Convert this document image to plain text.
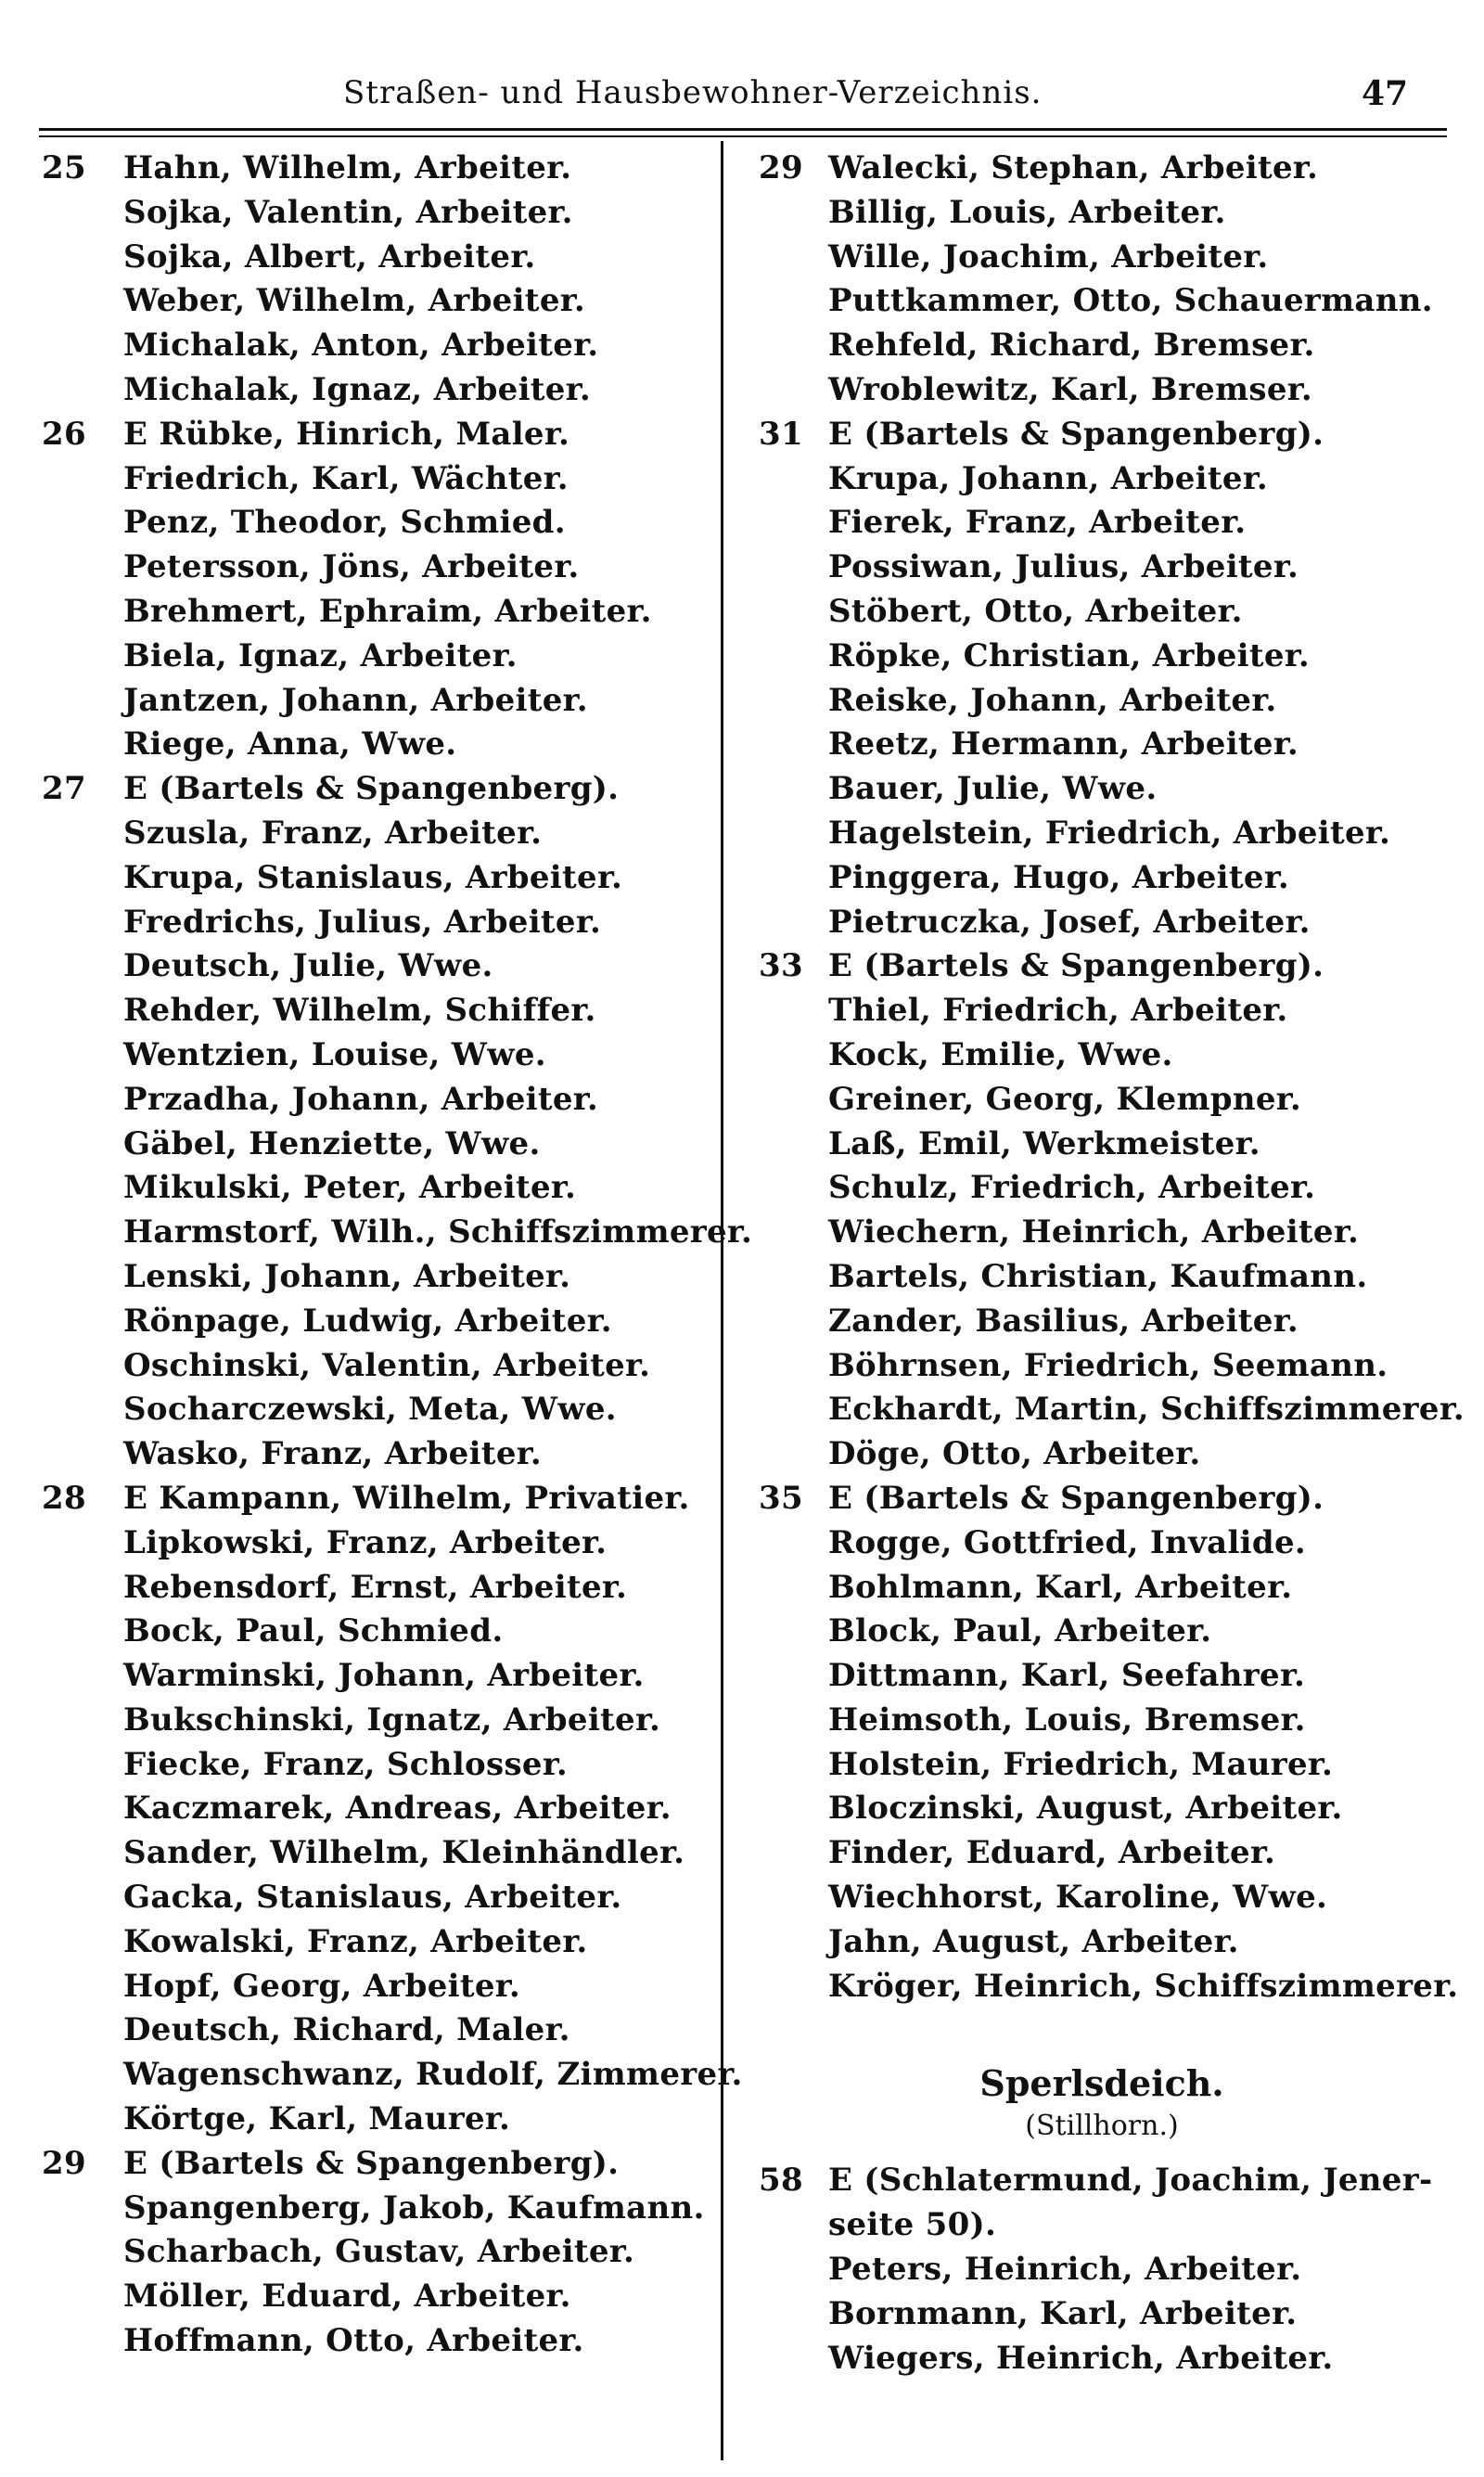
Straßen- und Hausbewohner-Verzeichnis.	47
25	Hahn, Wilhelm, Arbeiter.
Sojka, Valentin, Arbeiter.
Sojka, Albert, Arbeiter.
Weber, Wilhelm, Arbeiter.
Michalak, Anton, Arbeiter.
Michalak, Ignaz, Arbeiter.
26	E Rübke, Hinrich, Maler.
Friedrich, Karl, Wächter.
Penz, Theodor, Schmied.
Petersson, Jöns, Arbeiter.
Brehmert, Ephraim, Arbeiter.
Biela, Ignaz, Arbeiter.
Jantzen, Johann, Arbeiter.
Riege, Anna, Wwe.
27	E (Bartels & Spangenberg).
Szusla, Franz, Arbeiter.
Krupa, Stanislaus, Arbeiter.
Fredrichs, Julius, Arbeiter.
Deutsch, Julie, Wwe.
Rehder, Wilhelm, Schiffer.
Wentzien, Louise, Wwe.
Przadha, Johann, Arbeiter.
Gäbel, Henziette, Wwe.
Mikulski, Peter, Arbeiter.
Harmstorf, Wilh., Schiffszimmerer.
Lenski, Johann, Arbeiter.
Rönpage, Ludwig, Arbeiter.
Oschinski, Valentin, Arbeiter.
Socharczewski, Meta, Wwe.
Wasko, Franz, Arbeiter.
28	E Kampann, Wilhelm, Privatier.
Lipkowski, Franz, Arbeiter.
Rebensdorf, Ernst, Arbeiter.
Bock, Paul, Schmied.
Warminski, Johann, Arbeiter.
Bukschinski, Ignatz, Arbeiter.
Fiecke, Franz, Schlosser.
Kaczmarek, Andreas, Arbeiter.
Sander, Wilhelm, Kleinhändler.
Gacka, Stanislaus, Arbeiter.
Kowalski, Franz, Arbeiter.
Hopf, Georg, Arbeiter.
Deutsch, Richard, Maler.
Wagenschwanz, Rudolf, Zimmerer.
Körtge, Karl, Maurer.
29	E (Bartels & Spangenberg).
Spangenberg, Jakob, Kaufmann.
Scharbach, Gustav, Arbeiter.
Möller, Eduard, Arbeiter.
Hoffmann, Otto, Arbeiter.
29 Walecki, Stephan, Arbeiter.
Billig, Louis, Arbeiter.
Wille, Joachim, Arbeiter.
Puttkammer, Otto, Schauermann.
Rehfeld, Richard, Bremser.
Wroblewitz, Karl, Bremser.
31 E (Bartels & Spangenberg).
Krupa, Johann, Arbeiter.
Fierek, Franz, Arbeiter.
Possiwan, Julius, Arbeiter.
Stöbert, Otto, Arbeiter.
Röpke, Christian, Arbeiter.
Reiske, Johann, Arbeiter.
Reetz, Hermann, Arbeiter.
Bauer, Julie, Wwe.
Hagelstein, Friedrich, Arbeiter.
Pinggera, Hugo, Arbeiter.
Pietruczka, Josef, Arbeiter.
33 E (Bartels & Spangenberg).
Thiel, Friedrich, Arbeiter.
Kock, Emilie, Wwe.
Greiner, Georg, Klempner.
Laß, Emil, Werkmeister.
Schulz, Friedrich, Arbeiter.
Wiechern, Heinrich, Arbeiter.
Bartels, Christian, Kaufmann.
Zander, Basilius, Arbeiter.
Böhrnsen, Friedrich, Seemann.
Eckhardt, Martin, Schiffszimmerer.
Döge, Otto, Arbeiter.
35 E (Bartels & Spangenberg).
Rogge, Gottfried, Invalide.
Bohlmann, Karl, Arbeiter.
Block, Paul, Arbeiter.
Dittmann, Karl, Seefahrer.
Heimsoth, Louis, Bremser.
Holstein, Friedrich, Maurer.
Bloczinski, August, Arbeiter.
Finder, Eduard, Arbeiter.
Wiechhorst, Karoline, Wwe.
Jahn, August, Arbeiter.
Kröger, Heinrich, Schiffszimmerer.
Sperlsdeich.
(Stillhorn.)
58 E (Schlatermund, Joachim, Jener-
seite 50).
Peters, Heinrich, Arbeiter.
Bornmann, Karl, Arbeiter.
Wiegers, Heinrich, Arbeiter.
